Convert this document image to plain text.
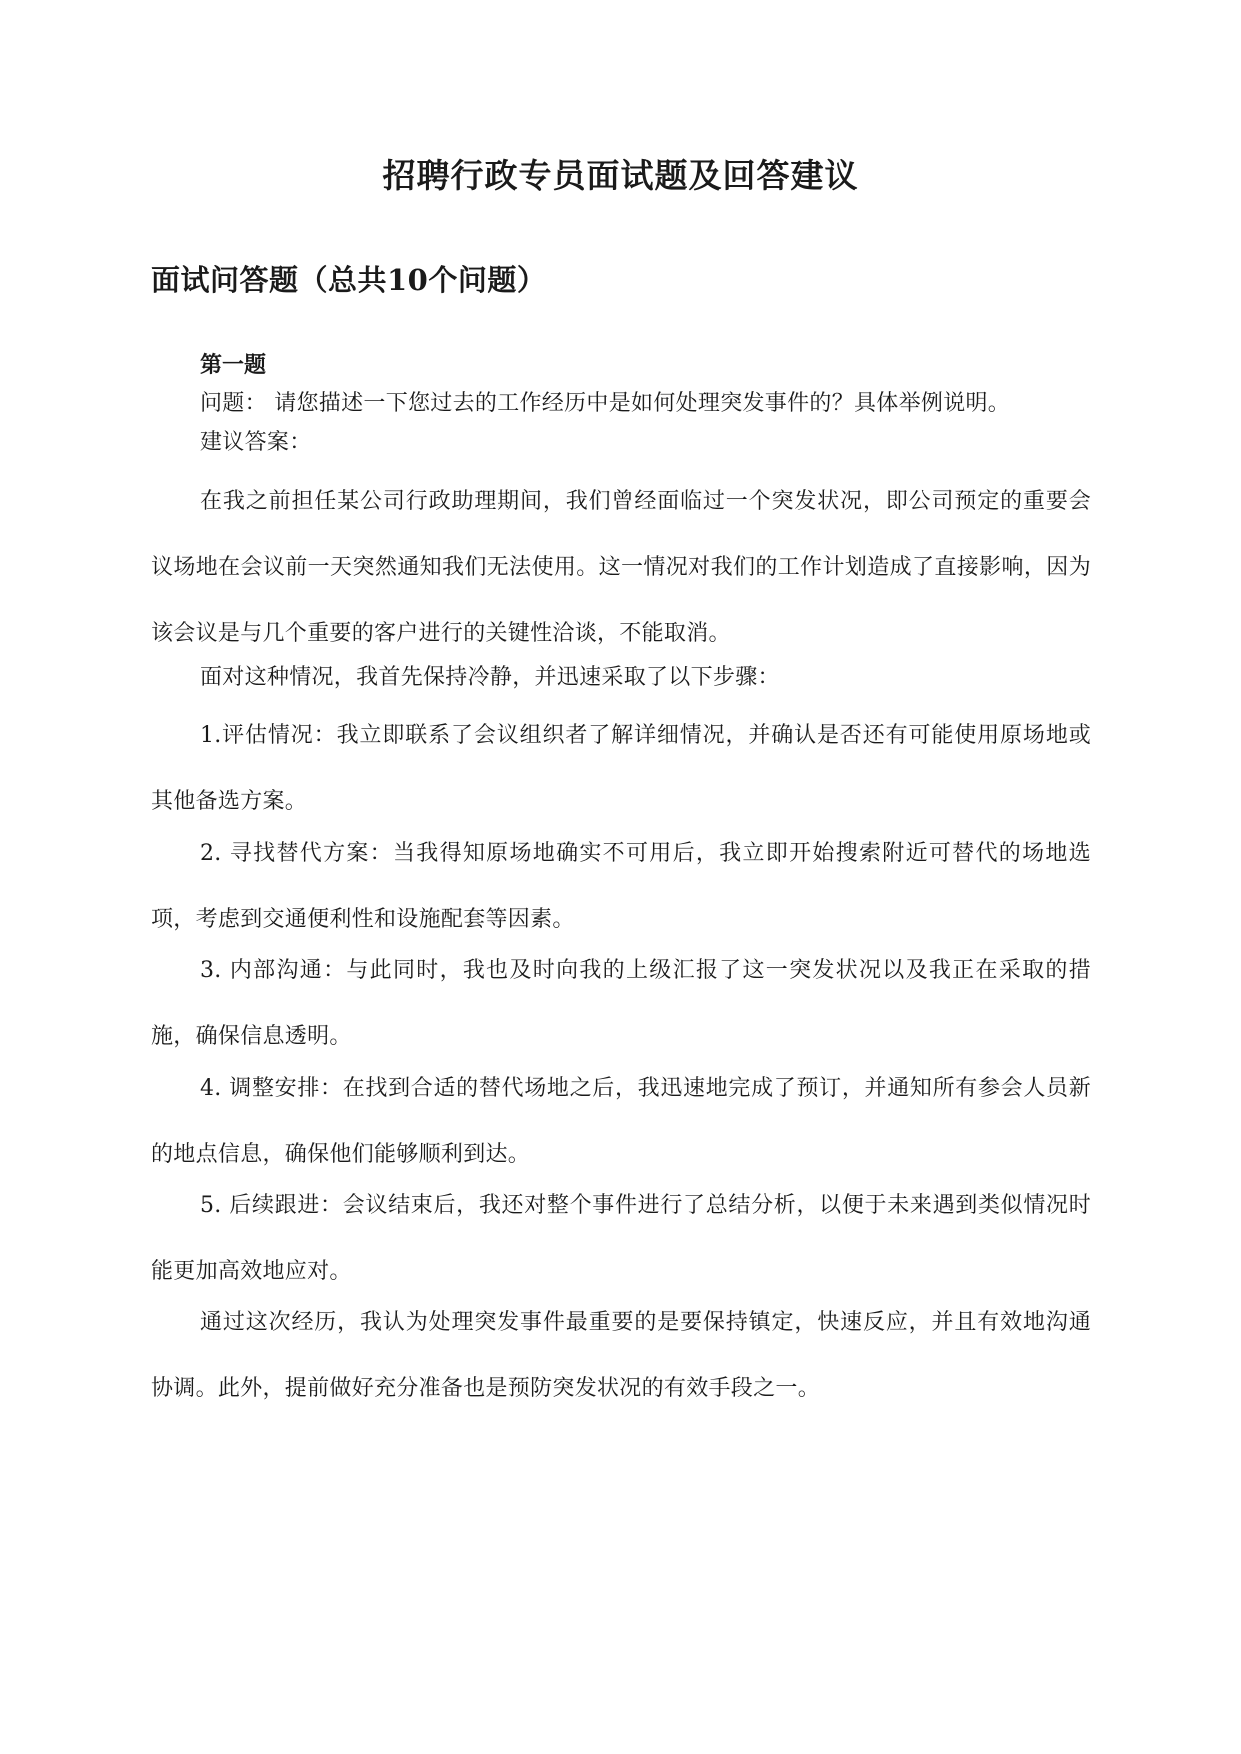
招聘行政专员面试题及回答建议
面试问答题（总共10个问题）
第一题

问题： 请您描述一下您过去的工作经历中是如何处理突发事件的？具体举例说明。

建议答案：

在我之前担任某公司行政助理期间，我们曾经面临过一个突发状况，即公司预定的重要会议场地在会议前一天突然通知我们无法使用。这一情况对我们的工作计划造成了直接影响，因为该会议是与几个重要的客户进行的关键性洽谈，不能取消。

面对这种情况，我首先保持冷静，并迅速采取了以下步骤：

1.评估情况：我立即联系了会议组织者了解详细情况，并确认是否还有可能使用原场地或其他备选方案。

2. 寻找替代方案：当我得知原场地确实不可用后，我立即开始搜索附近可替代的场地选项，考虑到交通便利性和设施配套等因素。

3. 内部沟通：与此同时，我也及时向我的上级汇报了这一突发状况以及我正在采取的措施，确保信息透明。

4. 调整安排：在找到合适的替代场地之后，我迅速地完成了预订，并通知所有参会人员新的地点信息，确保他们能够顺利到达。

5. 后续跟进：会议结束后，我还对整个事件进行了总结分析，以便于未来遇到类似情况时能更加高效地应对。

通过这次经历，我认为处理突发事件最重要的是要保持镇定，快速反应，并且有效地沟通协调。此外，提前做好充分准备也是预防突发状况的有效手段之一。
